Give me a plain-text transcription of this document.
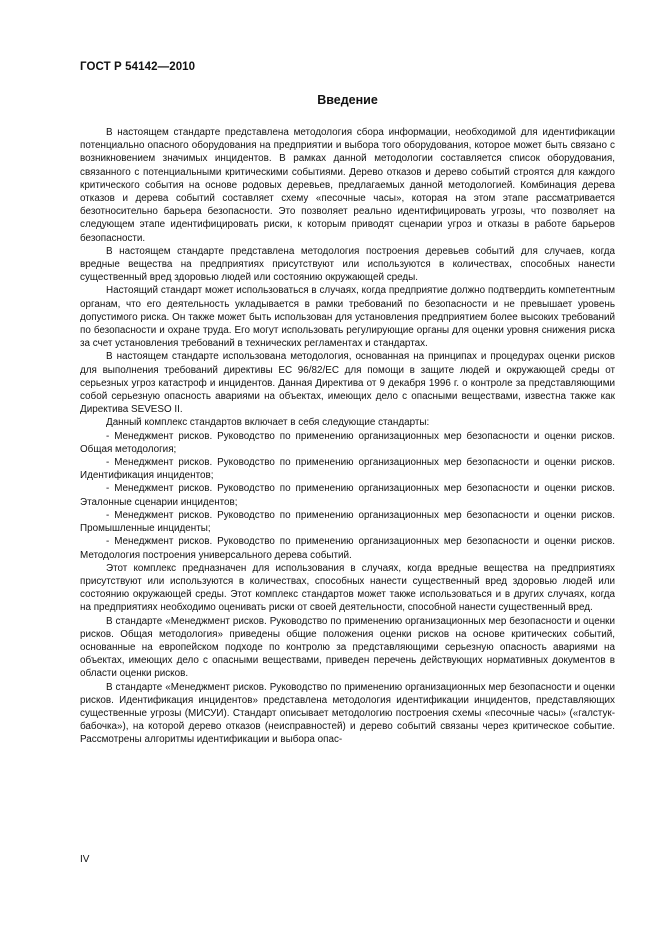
ГОСТ Р 54142—2010
Введение

В настоящем стандарте представлена методология сбора информации, необходимой для идентификации потенциально опасного оборудования на предприятии и выбора того оборудования, которое может быть связано с возникновением значимых инцидентов. В рамках данной методологии составляется список оборудования, связанного с потенциальными критическими событиями. Дерево отказов и дерево событий строятся для каждого критического события на основе родовых деревьев, предлагаемых данной методологией. Комбинация дерева отказов и дерева событий составляет схему «песочные часы», которая на этом этапе рассматривается безотносительно барьера безопасности. Это позволяет реально идентифицировать угрозы, что позволяет на следующем этапе идентифицировать риски, к которым приводят сценарии угроз и отказы в работе барьеров безопасности.

В настоящем стандарте представлена методология построения деревьев событий для случаев, когда вредные вещества на предприятиях присутствуют или используются в количествах, способных нанести существенный вред здоровью людей или состоянию окружающей среды.

Настоящий стандарт может использоваться в случаях, когда предприятие должно подтвердить компетентным органам, что его деятельность укладывается в рамки требований по безопасности и не превышает уровень допустимого риска. Он также может быть использован для установления предприятием более высоких требований по безопасности и охране труда. Его могут использовать регулирующие органы для оценки уровня снижения риска за счет установления требований в технических регламентах и стандартах.

В настоящем стандарте использована методология, основанная на принципах и процедурах оценки рисков для выполнения требований директивы ЕС 96/82/ЕС для помощи в защите людей и окружающей среды от серьезных угроз катастроф и инцидентов. Данная Директива от 9 декабря 1996 г. о контроле за представляющими собой серьезную опасность авариями на объектах, имеющих дело с опасными веществами, известна также как Директива SEVESO II.

Данный комплекс стандартов включает в себя следующие стандарты:

- Менеджмент рисков. Руководство по применению организационных мер безопасности и оценки рисков. Общая методология;

- Менеджмент рисков. Руководство по применению организационных мер безопасности и оценки рисков. Идентификация инцидентов;

- Менеджмент рисков. Руководство по применению организационных мер безопасности и оценки рисков. Эталонные сценарии инцидентов;

- Менеджмент рисков. Руководство по применению организационных мер безопасности и оценки рисков. Промышленные инциденты;

- Менеджмент рисков. Руководство по применению организационных мер безопасности и оценки рисков. Методология построения универсального дерева событий.

Этот комплекс предназначен для использования в случаях, когда вредные вещества на предприятиях присутствуют или используются в количествах, способных нанести существенный вред здоровью людей или состоянию окружающей среды. Этот комплекс стандартов может также использоваться и в других случаях, когда на предприятиях необходимо оценивать риски от своей деятельности, способной нанести существенный вред.

В стандарте «Менеджмент рисков. Руководство по применению организационных мер безопасности и оценки рисков. Общая методология» приведены общие положения оценки рисков на основе критических событий, основанные на европейском подходе по контролю за представляющими серьезную опасность авариями на объектах, имеющих дело с опасными веществами, приведен перечень действующих нормативных документов в области оценки рисков.

В стандарте «Менеджмент рисков. Руководство по применению организационных мер безопасности и оценки рисков. Идентификация инцидентов» представлена методология идентификации инцидентов, представляющих существенные угрозы (МИСУИ). Стандарт описывает методологию построения схемы «песочные часы» («галстук-бабочка»), на которой дерево отказов (неисправностей) и дерево событий связаны через критическое событие. Рассмотрены алгоритмы идентификации и выбора опас-

IV
